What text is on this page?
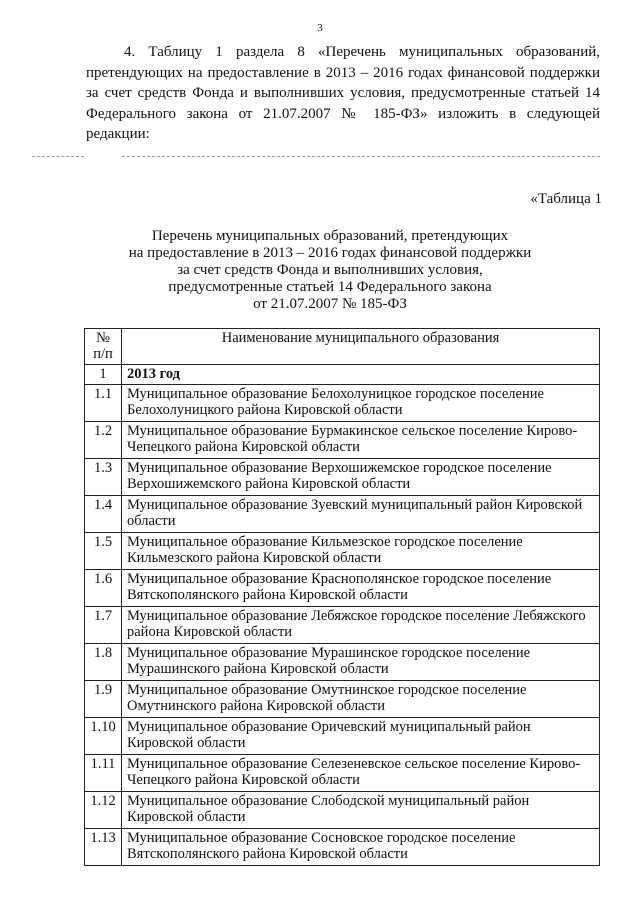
3
4. Таблицу 1 раздела 8 «Перечень муниципальных образований, претендующих на предоставление в 2013 – 2016 годах финансовой поддержки за счет средств Фонда и выполнивших условия, предусмотренные статьей 14 Федерального закона от 21.07.2007 № 185-ФЗ» изложить в следующей редакции:
«Таблица 1
Перечень муниципальных образований, претендующих
на предоставление в 2013 – 2016 годах финансовой поддержки
за счет средств Фонда и выполнивших условия,
предусмотренные статьей 14 Федерального закона
от 21.07.2007 № 185-ФЗ
№
п/п	Наименование муниципального образования
1	2013 год
1.1	Муниципальное образование Белохолуницкое городское поселение Белохолуницкого района Кировской области
1.2	Муниципальное образование Бурмакинское сельское поселение Кирово-Чепецкого района Кировской области
1.3	Муниципальное образование Верхошижемское городское поселение Верхошижемского района Кировской области
1.4	Муниципальное образование Зуевский муниципальный район Кировской области
1.5	Муниципальное образование Кильмезское городское поселение Кильмезского района Кировской области
1.6	Муниципальное образование Краснополянское городское поселение Вятскополянского района Кировской области
1.7	Муниципальное образование Лебяжское городское поселение Лебяжского района Кировской области
1.8	Муниципальное образование Мурашинское городское поселение Мурашинского района Кировской области
1.9	Муниципальное образование Омутнинское городское поселение Омутнинского района Кировской области
1.10	Муниципальное образование Оричевский муниципальный район Кировской области
1.11	Муниципальное образование Селезеневское сельское поселение Кирово-Чепецкого района Кировской области
1.12	Муниципальное образование Слободской муниципальный район Кировской области
1.13	Муниципальное образование Сосновское городское поселение Вятскополянского района Кировской области
